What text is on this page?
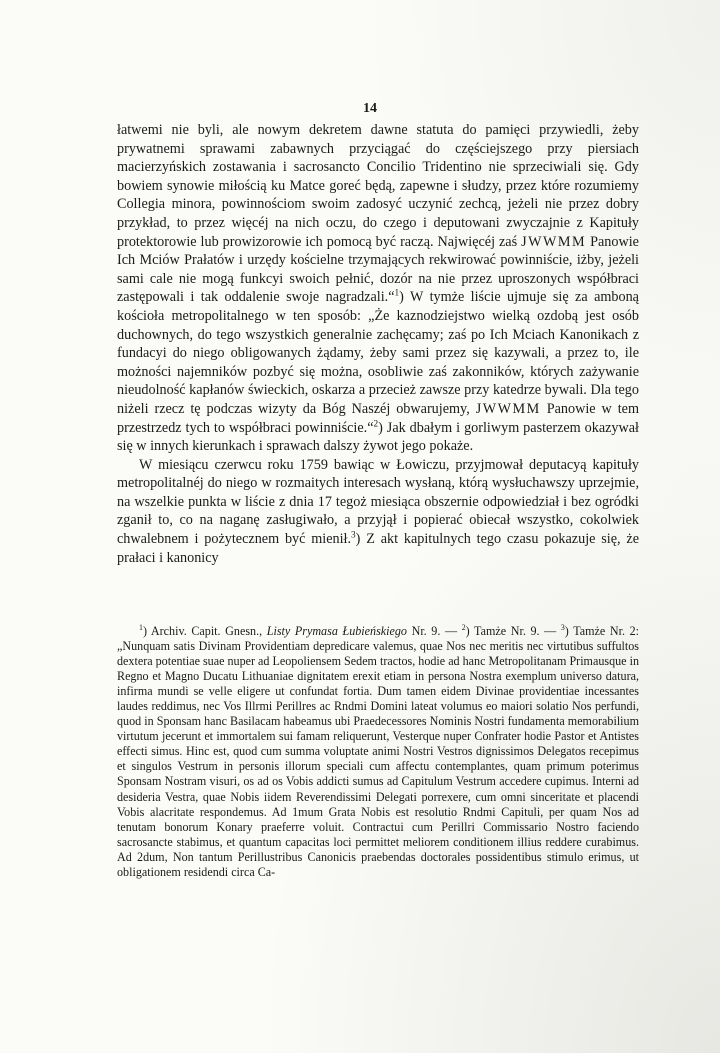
14

łatwemi nie byli, ale nowym dekretem dawne statuta do pamięci przywiedli, żeby prywatnemi sprawami zabawnych przyciągać do częściejszego przy piersiach macierzyńskich zostawania i sacrosancto Concilio Tridentino nie sprzeciwiali się. Gdy bowiem synowie miłością ku Matce goreć będą, zapewne i słudzy, przez które rozumiemy Collegia minora, powinnościom swoim zadosyć uczynić zechcą, jeżeli nie przez dobry przykład, to przez więcéj na nich oczu, do czego i deputowani zwyczajnie z Kapituły protektorowie lub prowizorowie ich pomocą być raczą. Najwięcéj zaś JWWMM Panowie Ich Mciów Prałatów i urzędy kościelne trzymających rekwirować powinniście, iżby, jeżeli sami cale nie mogą funkcyi swoich pełnić, dozór na nie przez uproszonych współbraci zastępowali i tak oddalenie swoje nagradzali.“$^1$) W tymże liście ujmuje się za amboną kościoła metropolitalnego w ten sposób: „Że kaznodziejstwo wielką ozdobą jest osób duchownych, do tego wszystkich generalnie zachęcamy; zaś po Ich Mciach Kanonikach z fundacyi do niego obligowanych żądamy, żeby sami przez się kazywali, a przez to, ile możności najemników pozbyć się można, osobliwie zaś zakonników, których zażywanie nieudolność kapłanów świeckich, oskarza a przecież zawsze przy katedrze bywali. Dla tego niżeli rzecz tę podczas wizyty da Bóg Naszéj obwarujemy, JWWMM Panowie w tem przestrzedz tych to współbraci powinniście.“$^2$) Jak dbałym i gorliwym pasterzem okazywał się w innych kierunkach i sprawach dalszy żywot jego pokaże.

W miesiącu czerwcu roku 1759 bawiąc w Łowiczu, przyjmował deputacyą kapituły metropolitalnéj do niego w rozmaitych interesach wysłaną, którą wysłuchawszy uprzejmie, na wszelkie punkta w liście z dnia 17 tegoż miesiąca obszernie odpowiedział i bez ogródki zganił to, co na naganę zasługiwało, a przyjął i popierać obiecał wszystko, cokolwiek chwalebnem i pożytecznem być mienił.$^3$) Z akt kapitulnych tego czasu pokazuje się, że prałaci i kanonicy

$^1$) Archiv. Capit. Gnesn., Listy Prymasa Łubieńskiego Nr. 9. — $^2$) Tamże Nr. 9. — $^3$) Tamże Nr. 2: „Nunquam satis Divinam Providentiam depredicare valemus, quae Nos nec meritis nec virtutibus suffultos dextera potentiae suae nuper ad Leopoliensem Sedem tractos, hodie ad hanc Metropolitanam Primausque in Regno et Magno Ducatu Lithuaniae dignitatem erexit etiam in persona Nostra exemplum universo datura, infirma mundi se velle eligere ut confundat fortia. Dum tamen eidem Divinae providentiae incessantes laudes reddimus, nec Vos Illrmi Perillres ac Rndmi Domini lateat volumus eo maiori solatio Nos perfundi, quod in Sponsam hanc Basilacam habeamus ubi Praedecessores Nominis Nostri fundamenta memorabilium virtutum jecerunt et immortalem sui famam reliquerunt, Vesterque nuper Confrater hodie Pastor et Antistes effecti simus. Hinc est, quod cum summa voluptate animi Nostri Vestros dignissimos Delegatos recepimus et singulos Vestrum in personis illorum speciali cum affectu contemplantes, quam primum poterimus Sponsam Nostram visuri, os ad os Vobis addicti sumus ad Capitulum Vestrum accedere cupimus. Interni ad desideria Vestra, quae Nobis iidem Reverendissimi Delegati porrexere, cum omni sinceritate et placendi Vobis alacritate respondemus. Ad 1mum Grata Nobis est resolutio Rndmi Capituli, per quam Nos ad tenutam bonorum Konary praeferre voluit. Contractui cum Perillri Commissario Nostro faciendo sacrosancte stabimus, et quantum capacitas loci permittet meliorem conditionem illius reddere curabimus. Ad 2dum, Non tantum Perillustribus Canonicis praebendas doctorales possidentibus stimulo erimus, ut obligationem residendi circa Ca-
